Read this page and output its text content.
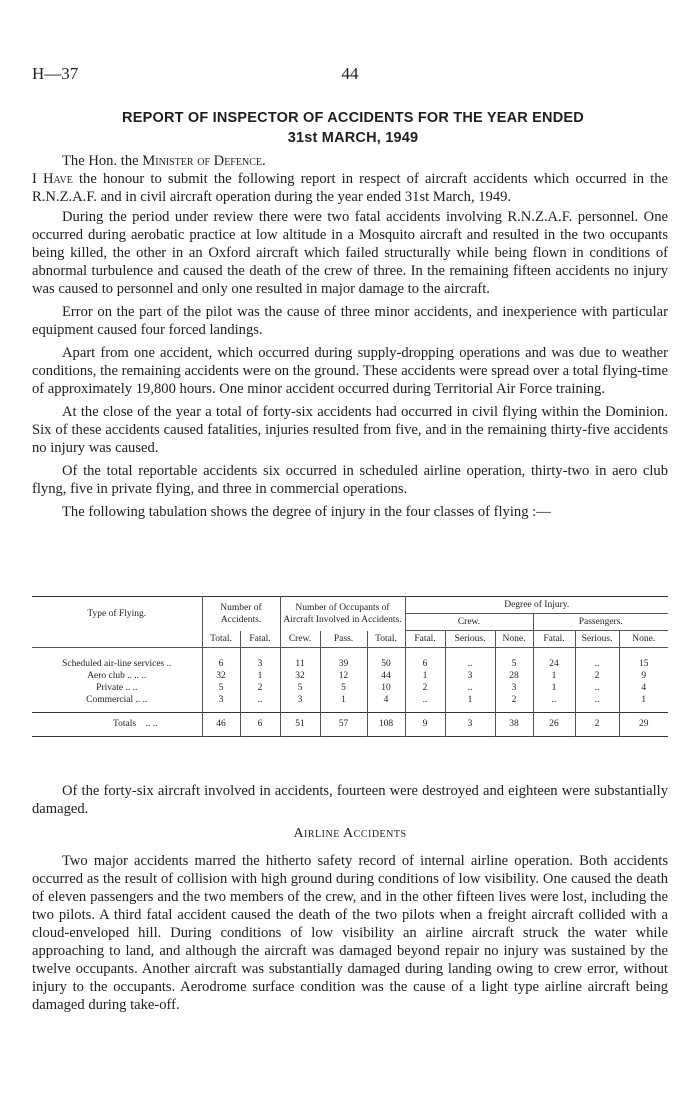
H—37	44
REPORT OF INSPECTOR OF ACCIDENTS FOR THE YEAR ENDED
31st MARCH, 1949

The Hon. the Minister of Defence.

I Have the honour to submit the following report in respect of aircraft accidents which occurred in the R.N.Z.A.F. and in civil aircraft operation during the year ended 31st March, 1949.

During the period under review there were two fatal accidents involving R.N.Z.A.F. personnel. One occurred during aerobatic practice at low altitude in a Mosquito aircraft and resulted in the two occupants being killed, the other in an Oxford aircraft which failed structurally while being flown in conditions of abnormal turbulence and caused the death of the crew of three. In the remaining fifteen accidents no injury was caused to personnel and only one resulted in major damage to the aircraft.

Error on the part of the pilot was the cause of three minor accidents, and inexperience with particular equipment caused four forced landings.

Apart from one accident, which occurred during supply-dropping operations and was due to weather conditions, the remaining accidents were on the ground. These accidents were spread over a total flying-time of approximately 19,800 hours. One minor accident occurred during Territorial Air Force training.

At the close of the year a total of forty-six accidents had occurred in civil flying within the Dominion. Six of these accidents caused fatalities, injuries resulted from five, and in the remaining thirty-five accidents no injury was caused.

Of the total reportable accidents six occurred in scheduled airline operation, thirty-two in aero club flyng, five in private flying, and three in commercial operations.

The following tabulation shows the degree of injury in the four classes of flying :—

Type of Flying.	Number of Accidents.		Number of Occupants of Aircraft Involved in Accidents.			Degree of Injury.					
						Crew.			Passengers.		
	Total.	Fatal.	Crew.	Pass.	Total.	Fatal.	Serious.	None.	Fatal.	Serious.	None.

Scheduled air-line services ..	6	3	11	39	50	6	..	5	24	..	15
Aero club .. .. ..	32	1	32	12	44	1	3	28	1	2	9
Private .. ..	5	2	5	5	10	2	..	3	1	..	4
Commercial .. ..	3	..	3	1	4	..	1	2	..	..	1
Totals .. ..	46	6	51	57	108	9	3	38	26	2	29

Of the forty-six aircraft involved in accidents, fourteen were destroyed and eighteen were substantially damaged.

Airline Accidents

Two major accidents marred the hitherto safety record of internal airline operation. Both accidents occurred as the result of collision with high ground during conditions of low visibility. One caused the death of eleven passengers and the two members of the crew, and in the other fifteen lives were lost, including the two pilots. A third fatal accident caused the death of the two pilots when a freight aircraft collided with a cloud-enveloped hill. During conditions of low visibility an airline aircraft struck the water while approaching to land, and although the aircraft was damaged beyond repair no injury was sustained by the twelve occupants. Another aircraft was substantially damaged during landing owing to crew error, without injury to the occupants. Aerodrome surface condition was the cause of a light type airline aircraft being damaged during take-off.
